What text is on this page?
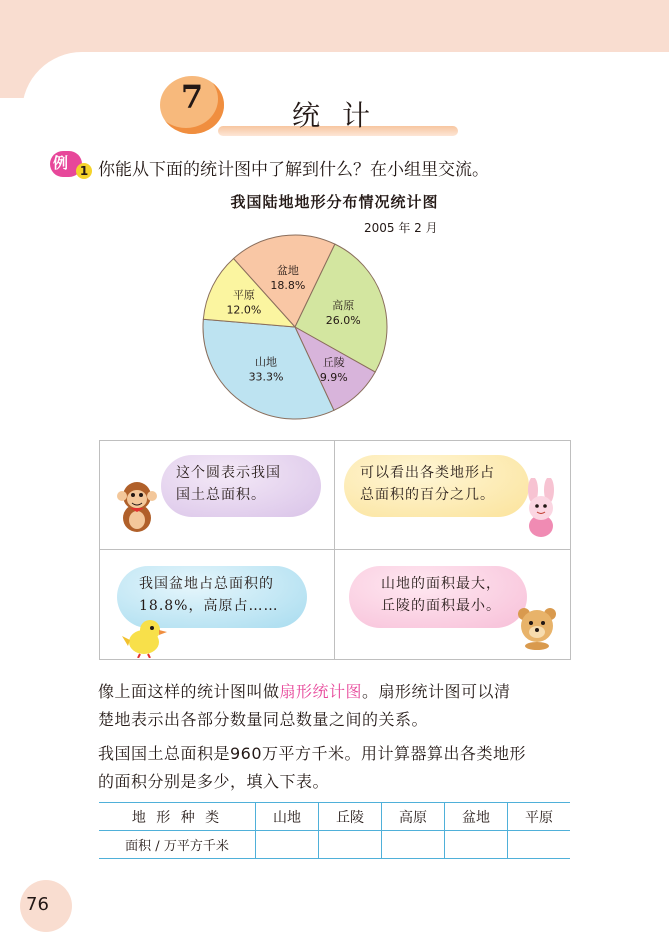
7	统计
例 1 你能从下面的统计图中了解到什么？在小组里交流。
我国陆地地形分布情况统计图
2005 年 2 月
盆地
18.8%
高原
26.0%
丘陵
9.9%
山地
33.3%
平原
12.0%
这个圆表示我国
国土总面积。
可以看出各类地形占
总面积的百分之几。
我国盆地占总面积的
18.8%，高原占……
山地的面积最大，
丘陵的面积最小。
像上面这样的统计图叫做扇形统计图。扇形统计图可以清
楚地表示出各部分数量同总数量之间的关系。
我国国土总面积是960万平方千米。用计算器算出各类地形
的面积分别是多少，填入下表。
地 形 种 类	山地	丘陵	高原	盆地	平原
面积 / 万平方千米					
76
